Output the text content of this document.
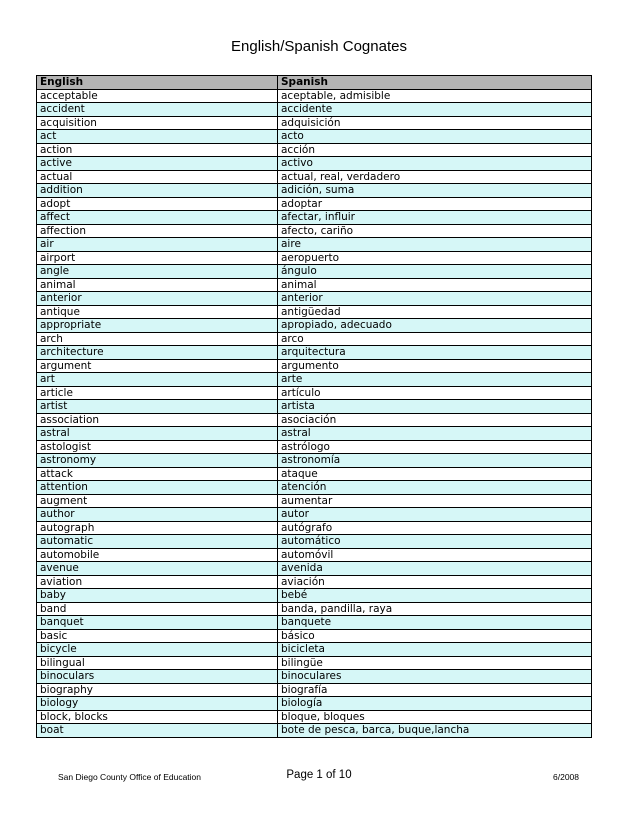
English/Spanish Cognates
English	Spanish
acceptable	aceptable, admisible
accident	accidente
acquisition	adquisición
act	acto
action	acción
active	activo
actual	actual, real, verdadero
addition	adición, suma
adopt	adoptar
affect	afectar, influir
affection	afecto, cariño
air	aire
airport	aeropuerto
angle	ángulo
animal	animal
anterior	anterior
antique	antigüedad
appropriate	apropiado, adecuado
arch	arco
architecture	arquitectura
argument	argumento
art	arte
article	artículo
artist	artista
association	asociación
astral	astral
astologist	astrólogo
astronomy	astronomía
attack	ataque
attention	atención
augment	aumentar
author	autor
autograph	autógrafo
automatic	automático
automobile	automóvil
avenue	avenida
aviation	aviación
baby	bebé
band	banda, pandilla, raya
banquet	banquete
basic	básico
bicycle	bicicleta
bilingual	bilingüe
binoculars	binoculares
biography	biografía
biology	biología
block, blocks	bloque, bloques
boat	bote de pesca, barca, buque,lancha
San Diego County Office of Education	Page 1 of 10	6/2008
